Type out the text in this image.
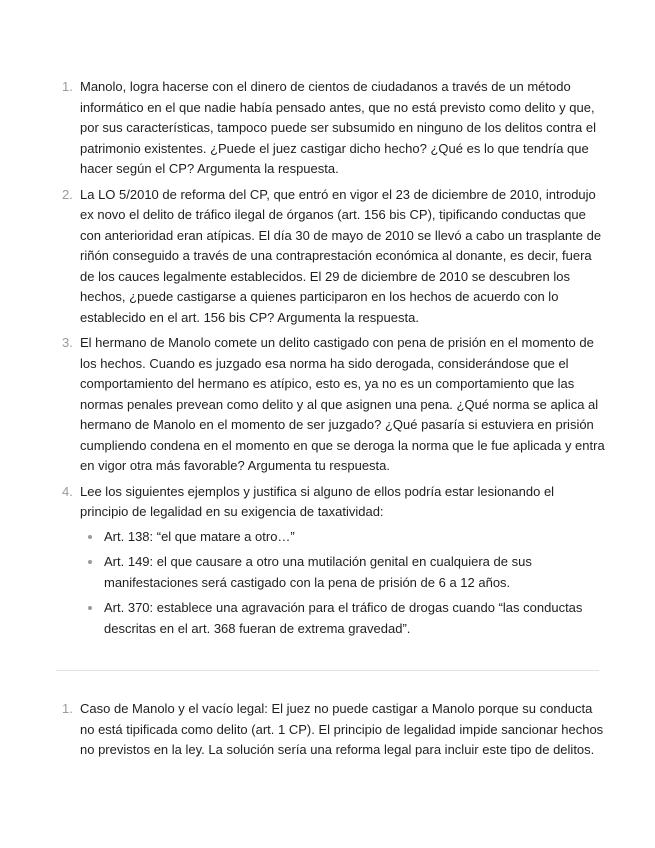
1. Manolo, logra hacerse con el dinero de cientos de ciudadanos a través de un método informático en el que nadie había pensado antes, que no está previsto como delito y que, por sus características, tampoco puede ser subsumido en ninguno de los delitos contra el patrimonio existentes. ¿Puede el juez castigar dicho hecho? ¿Qué es lo que tendría que hacer según el CP? Argumenta la respuesta.
2. La LO 5/2010 de reforma del CP, que entró en vigor el 23 de diciembre de 2010, introdujo ex novo el delito de tráfico ilegal de órganos (art. 156 bis CP), tipificando conductas que con anterioridad eran atípicas. El día 30 de mayo de 2010 se llevó a cabo un trasplante de riñón conseguido a través de una contraprestación económica al donante, es decir, fuera de los cauces legalmente establecidos. El 29 de diciembre de 2010 se descubren los hechos, ¿puede castigarse a quienes participaron en los hechos de acuerdo con lo establecido en el art. 156 bis CP? Argumenta la respuesta.
3. El hermano de Manolo comete un delito castigado con pena de prisión en el momento de los hechos. Cuando es juzgado esa norma ha sido derogada, considerándose que el comportamiento del hermano es atípico, esto es, ya no es un comportamiento que las normas penales prevean como delito y al que asignen una pena. ¿Qué norma se aplica al hermano de Manolo en el momento de ser juzgado? ¿Qué pasaría si estuviera en prisión cumpliendo condena en el momento en que se deroga la norma que le fue aplicada y entra en vigor otra más favorable? Argumenta tu respuesta.
4. Lee los siguientes ejemplos y justifica si alguno de ellos podría estar lesionando el principio de legalidad en su exigencia de taxatividad:
Art. 138: “el que matare a otro…”
Art. 149: el que causare a otro una mutilación genital en cualquiera de sus manifestaciones será castigado con la pena de prisión de 6 a 12 años.
Art. 370: establece una agravación para el tráfico de drogas cuando “las conductas descritas en el art. 368 fueran de extrema gravedad”.
1. Caso de Manolo y el vacío legal: El juez no puede castigar a Manolo porque su conducta no está tipificada como delito (art. 1 CP). El principio de legalidad impide sancionar hechos no previstos en la ley. La solución sería una reforma legal para incluir este tipo de delitos.
